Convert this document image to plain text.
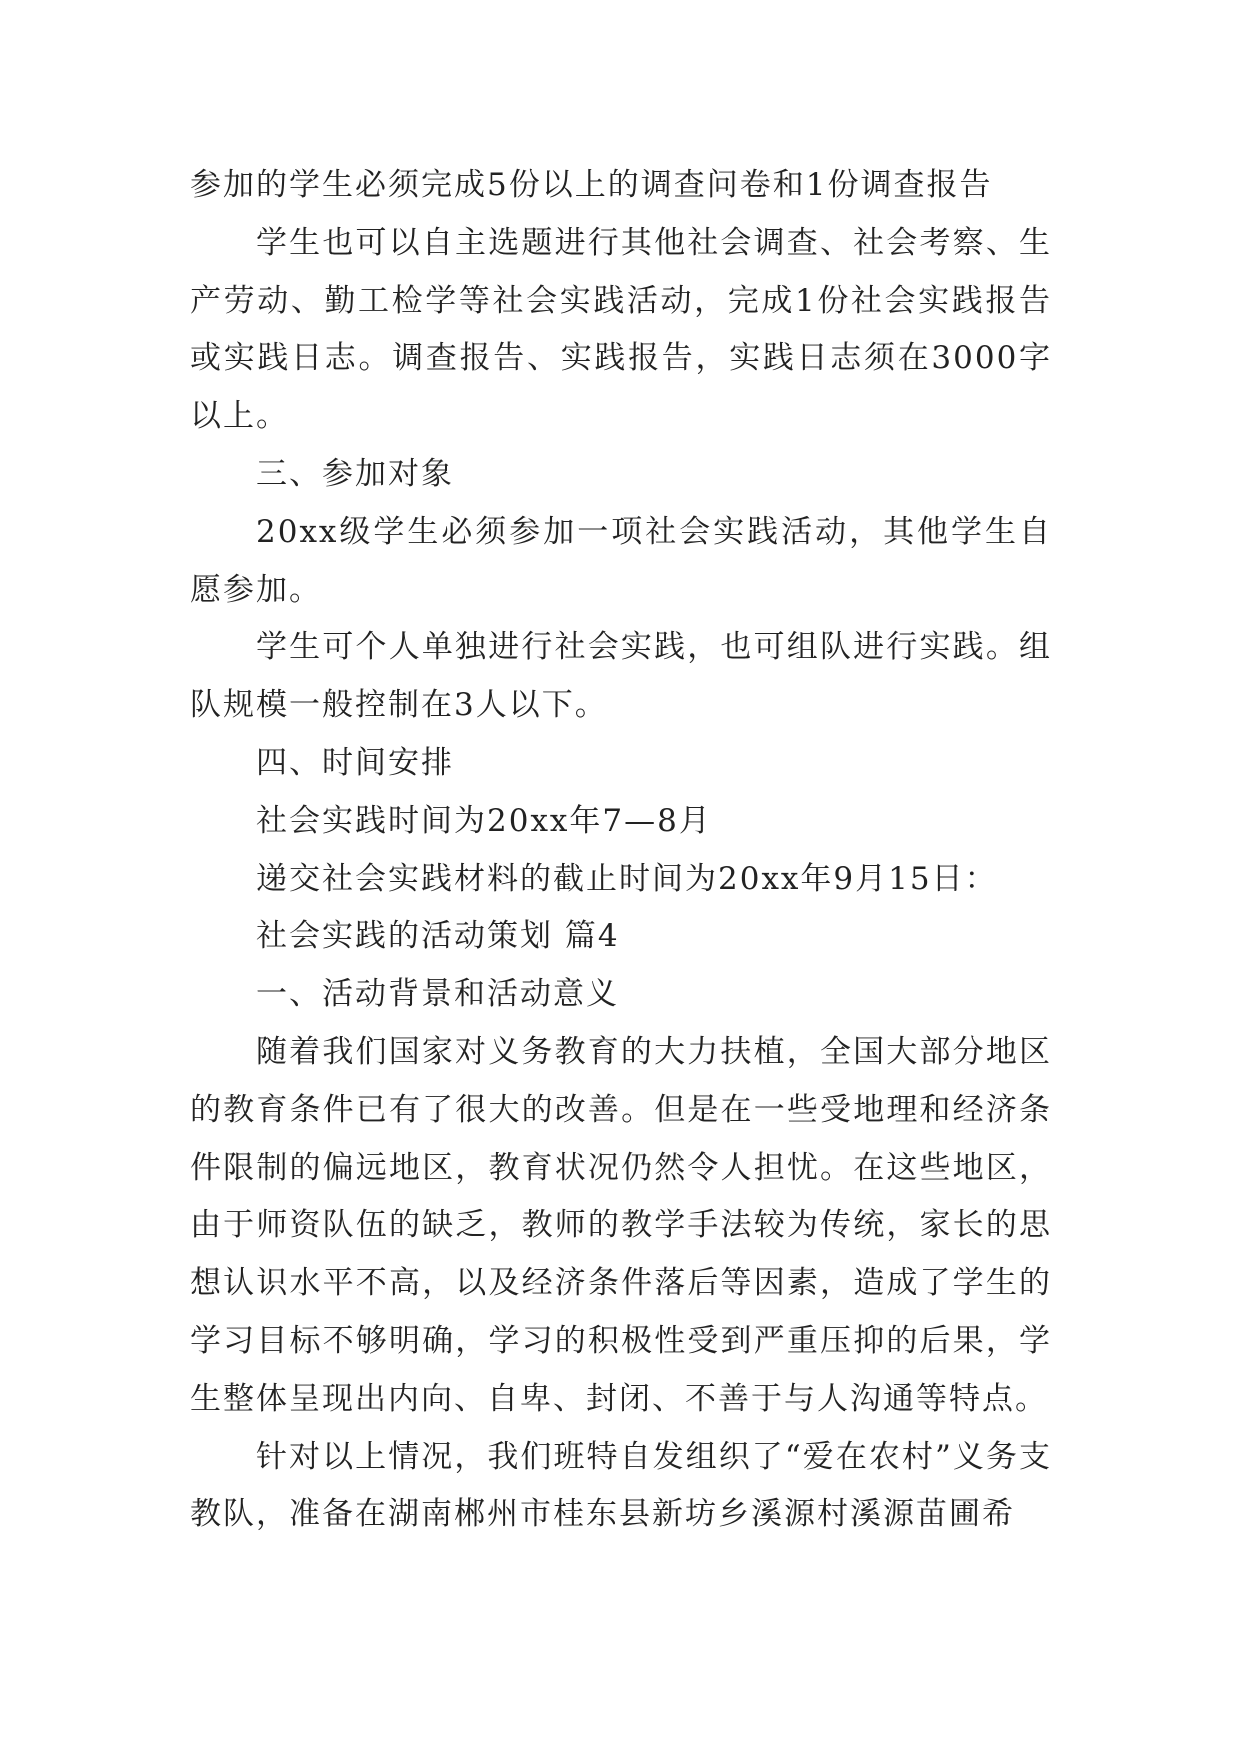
参加的学生必须完成5份以上的调查问卷和1份调查报告

学生也可以自主选题进行其他社会调查、社会考察、生产劳动、勤工检学等社会实践活动，完成1份社会实践报告或实践日志。调查报告、实践报告，实践日志须在3000字以上。

三、参加对象

20xx级学生必须参加一项社会实践活动，其他学生自愿参加。

学生可个人单独进行社会实践，也可组队进行实践。组队规模一般控制在3人以下。

四、时间安排

社会实践时间为20xx年7—8月

递交社会实践材料的截止时间为20xx年9月15日：

社会实践的活动策划 篇4

一、活动背景和活动意义

随着我们国家对义务教育的大力扶植，全国大部分地区的教育条件已有了很大的改善。但是在一些受地理和经济条件限制的偏远地区，教育状况仍然令人担忧。在这些地区，由于师资队伍的缺乏，教师的教学手法较为传统，家长的思想认识水平不高，以及经济条件落后等因素，造成了学生的学习目标不够明确，学习的积极性受到严重压抑的后果，学生整体呈现出内向、自卑、封闭、不善于与人沟通等特点。

针对以上情况，我们班特自发组织了“爱在农村”义务支教队，准备在湖南郴州市桂东县新坊乡溪源村溪源苗圃希
